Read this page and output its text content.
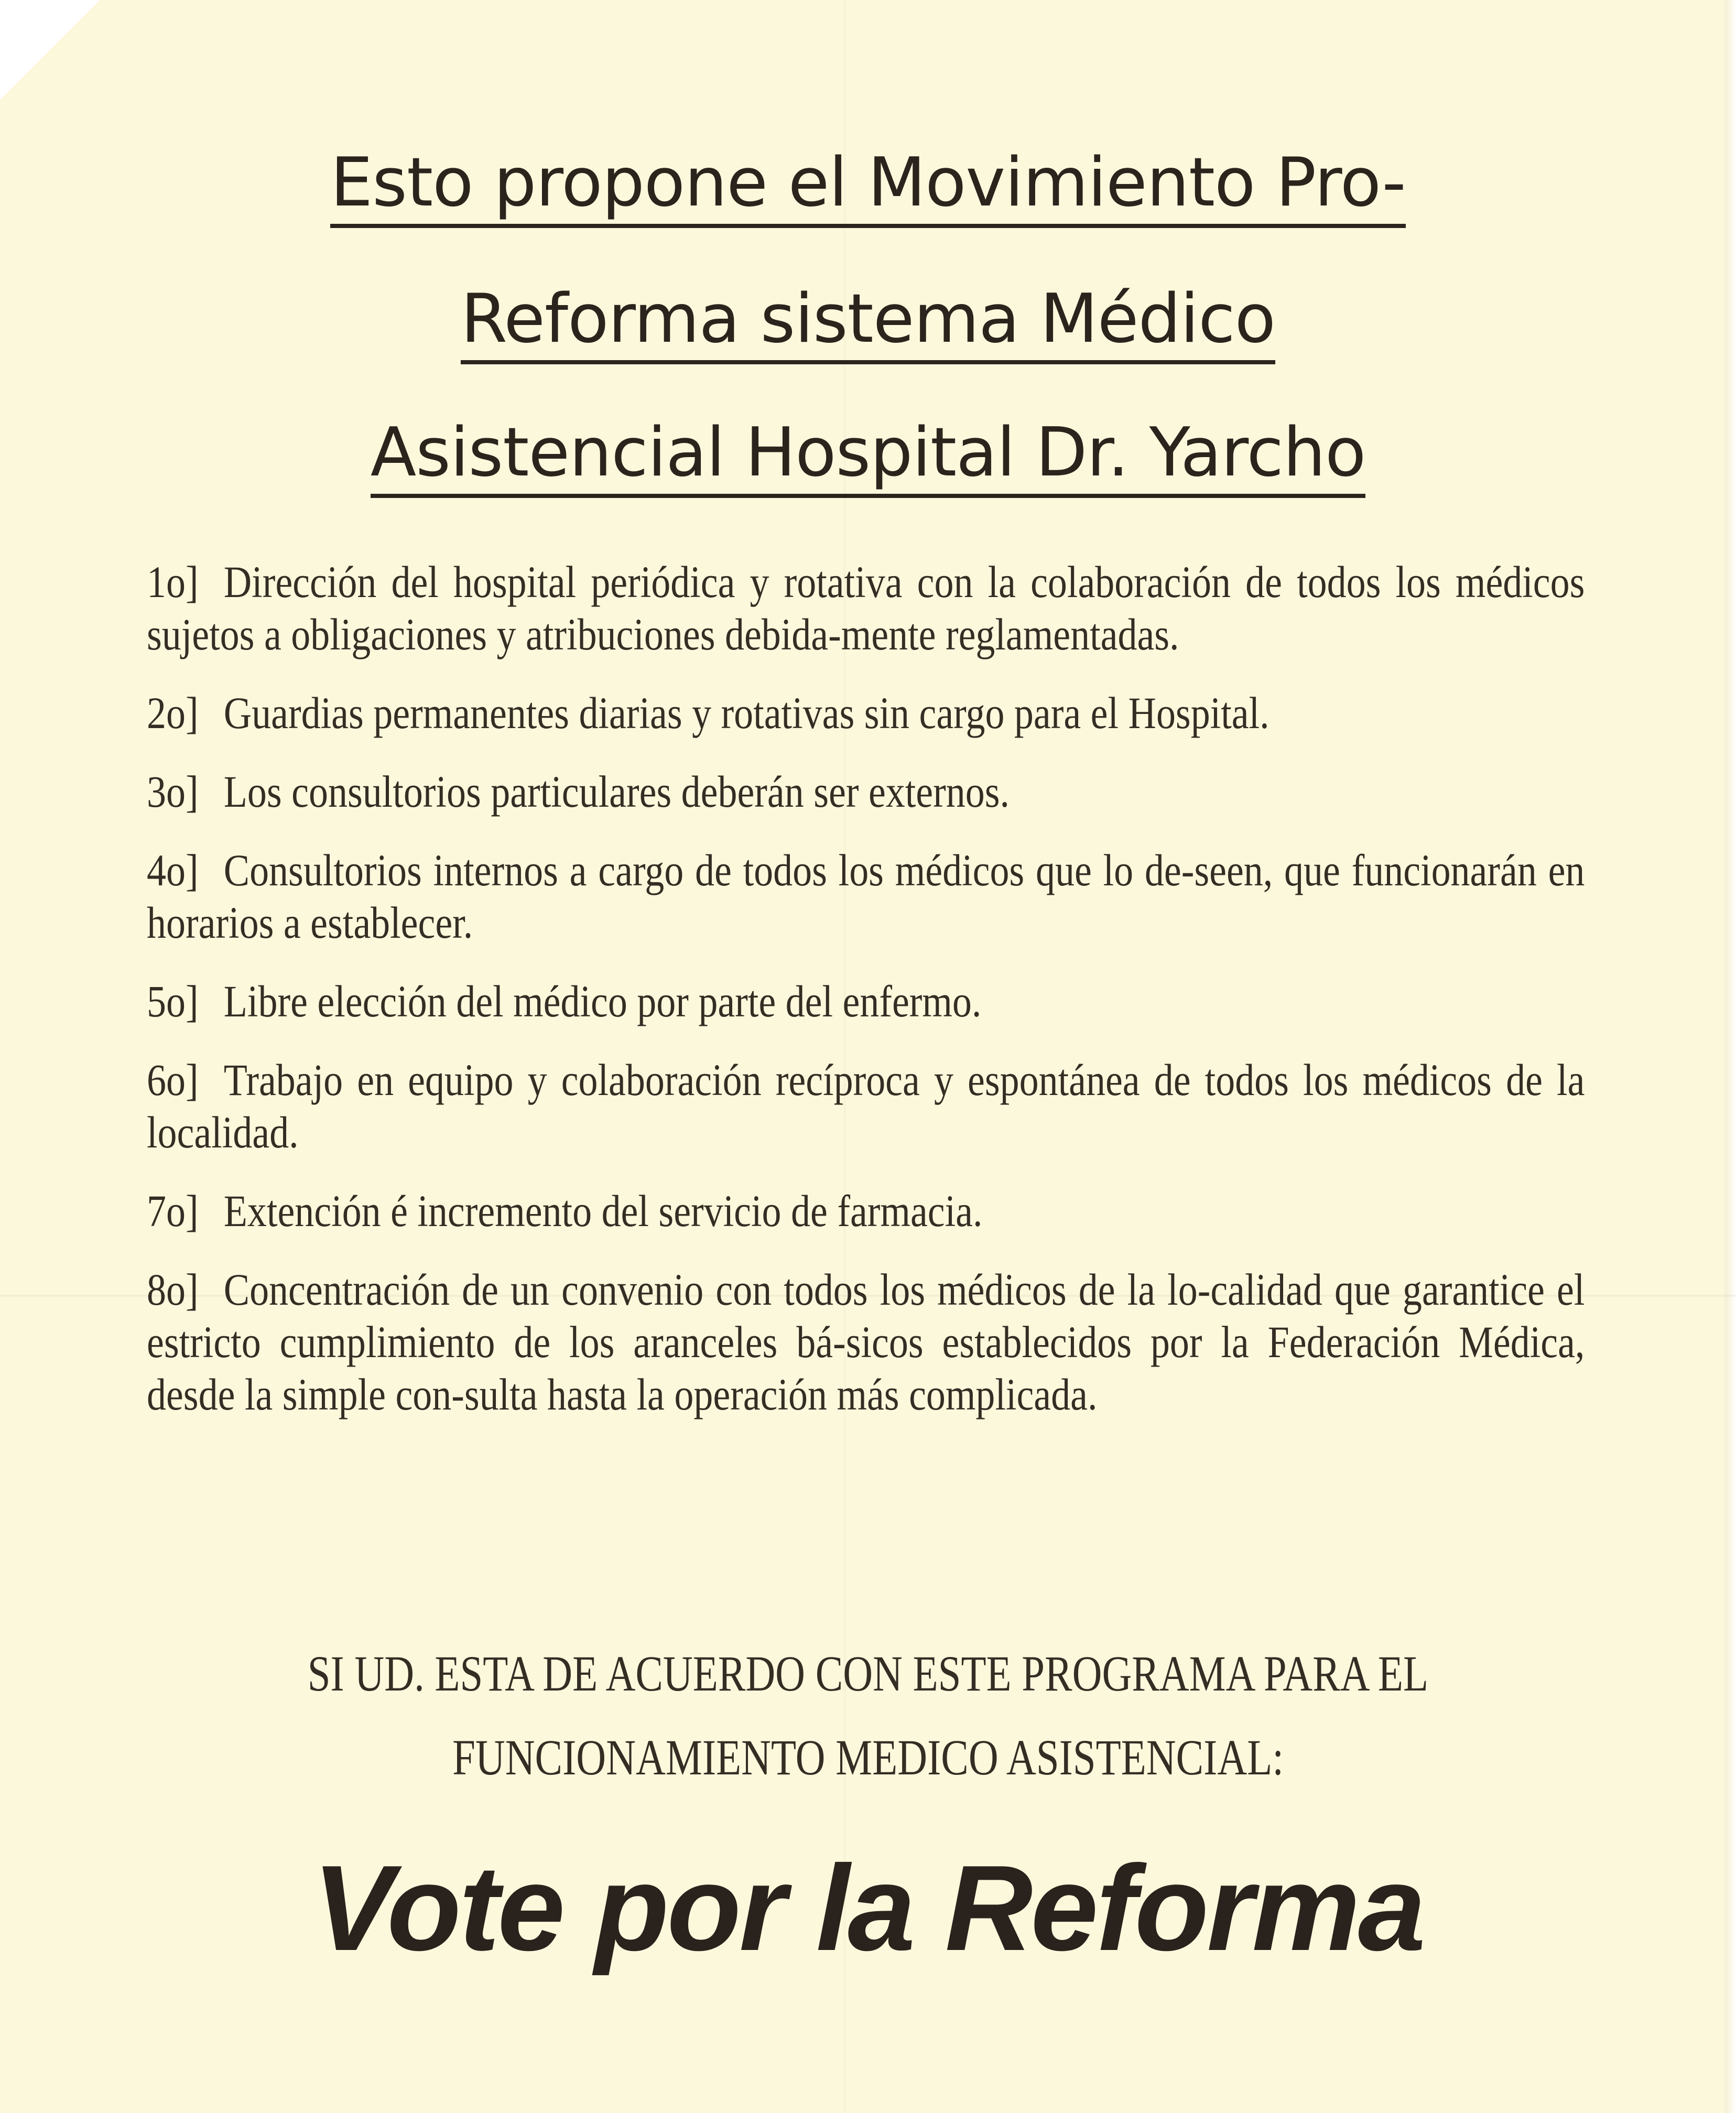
Esto propone el Movimiento Pro-
Reforma sistema Médico
Asistencial Hospital Dr. Yarcho
1o] Dirección del hospital periódica y rotativa con la colaboración de todos los médicos sujetos a obligaciones y atribuciones debida-mente reglamentadas.
2o] Guardias permanentes diarias y rotativas sin cargo para el Hospital.
3o] Los consultorios particulares deberán ser externos.
4o] Consultorios internos a cargo de todos los médicos que lo de-seen, que funcionarán en horarios a establecer.
5o] Libre elección del médico por parte del enfermo.
6o] Trabajo en equipo y colaboración recíproca y espontánea de todos los médicos de la localidad.
7o] Extención é incremento del servicio de farmacia.
8o] Concentración de un convenio con todos los médicos de la lo-calidad que garantice el estricto cumplimiento de los aranceles bá-sicos establecidos por la Federación Médica, desde la simple con-sulta hasta la operación más complicada.
SI UD. ESTA DE ACUERDO CON ESTE PROGRAMA PARA EL
FUNCIONAMIENTO MEDICO ASISTENCIAL:
Vote por la Reforma
